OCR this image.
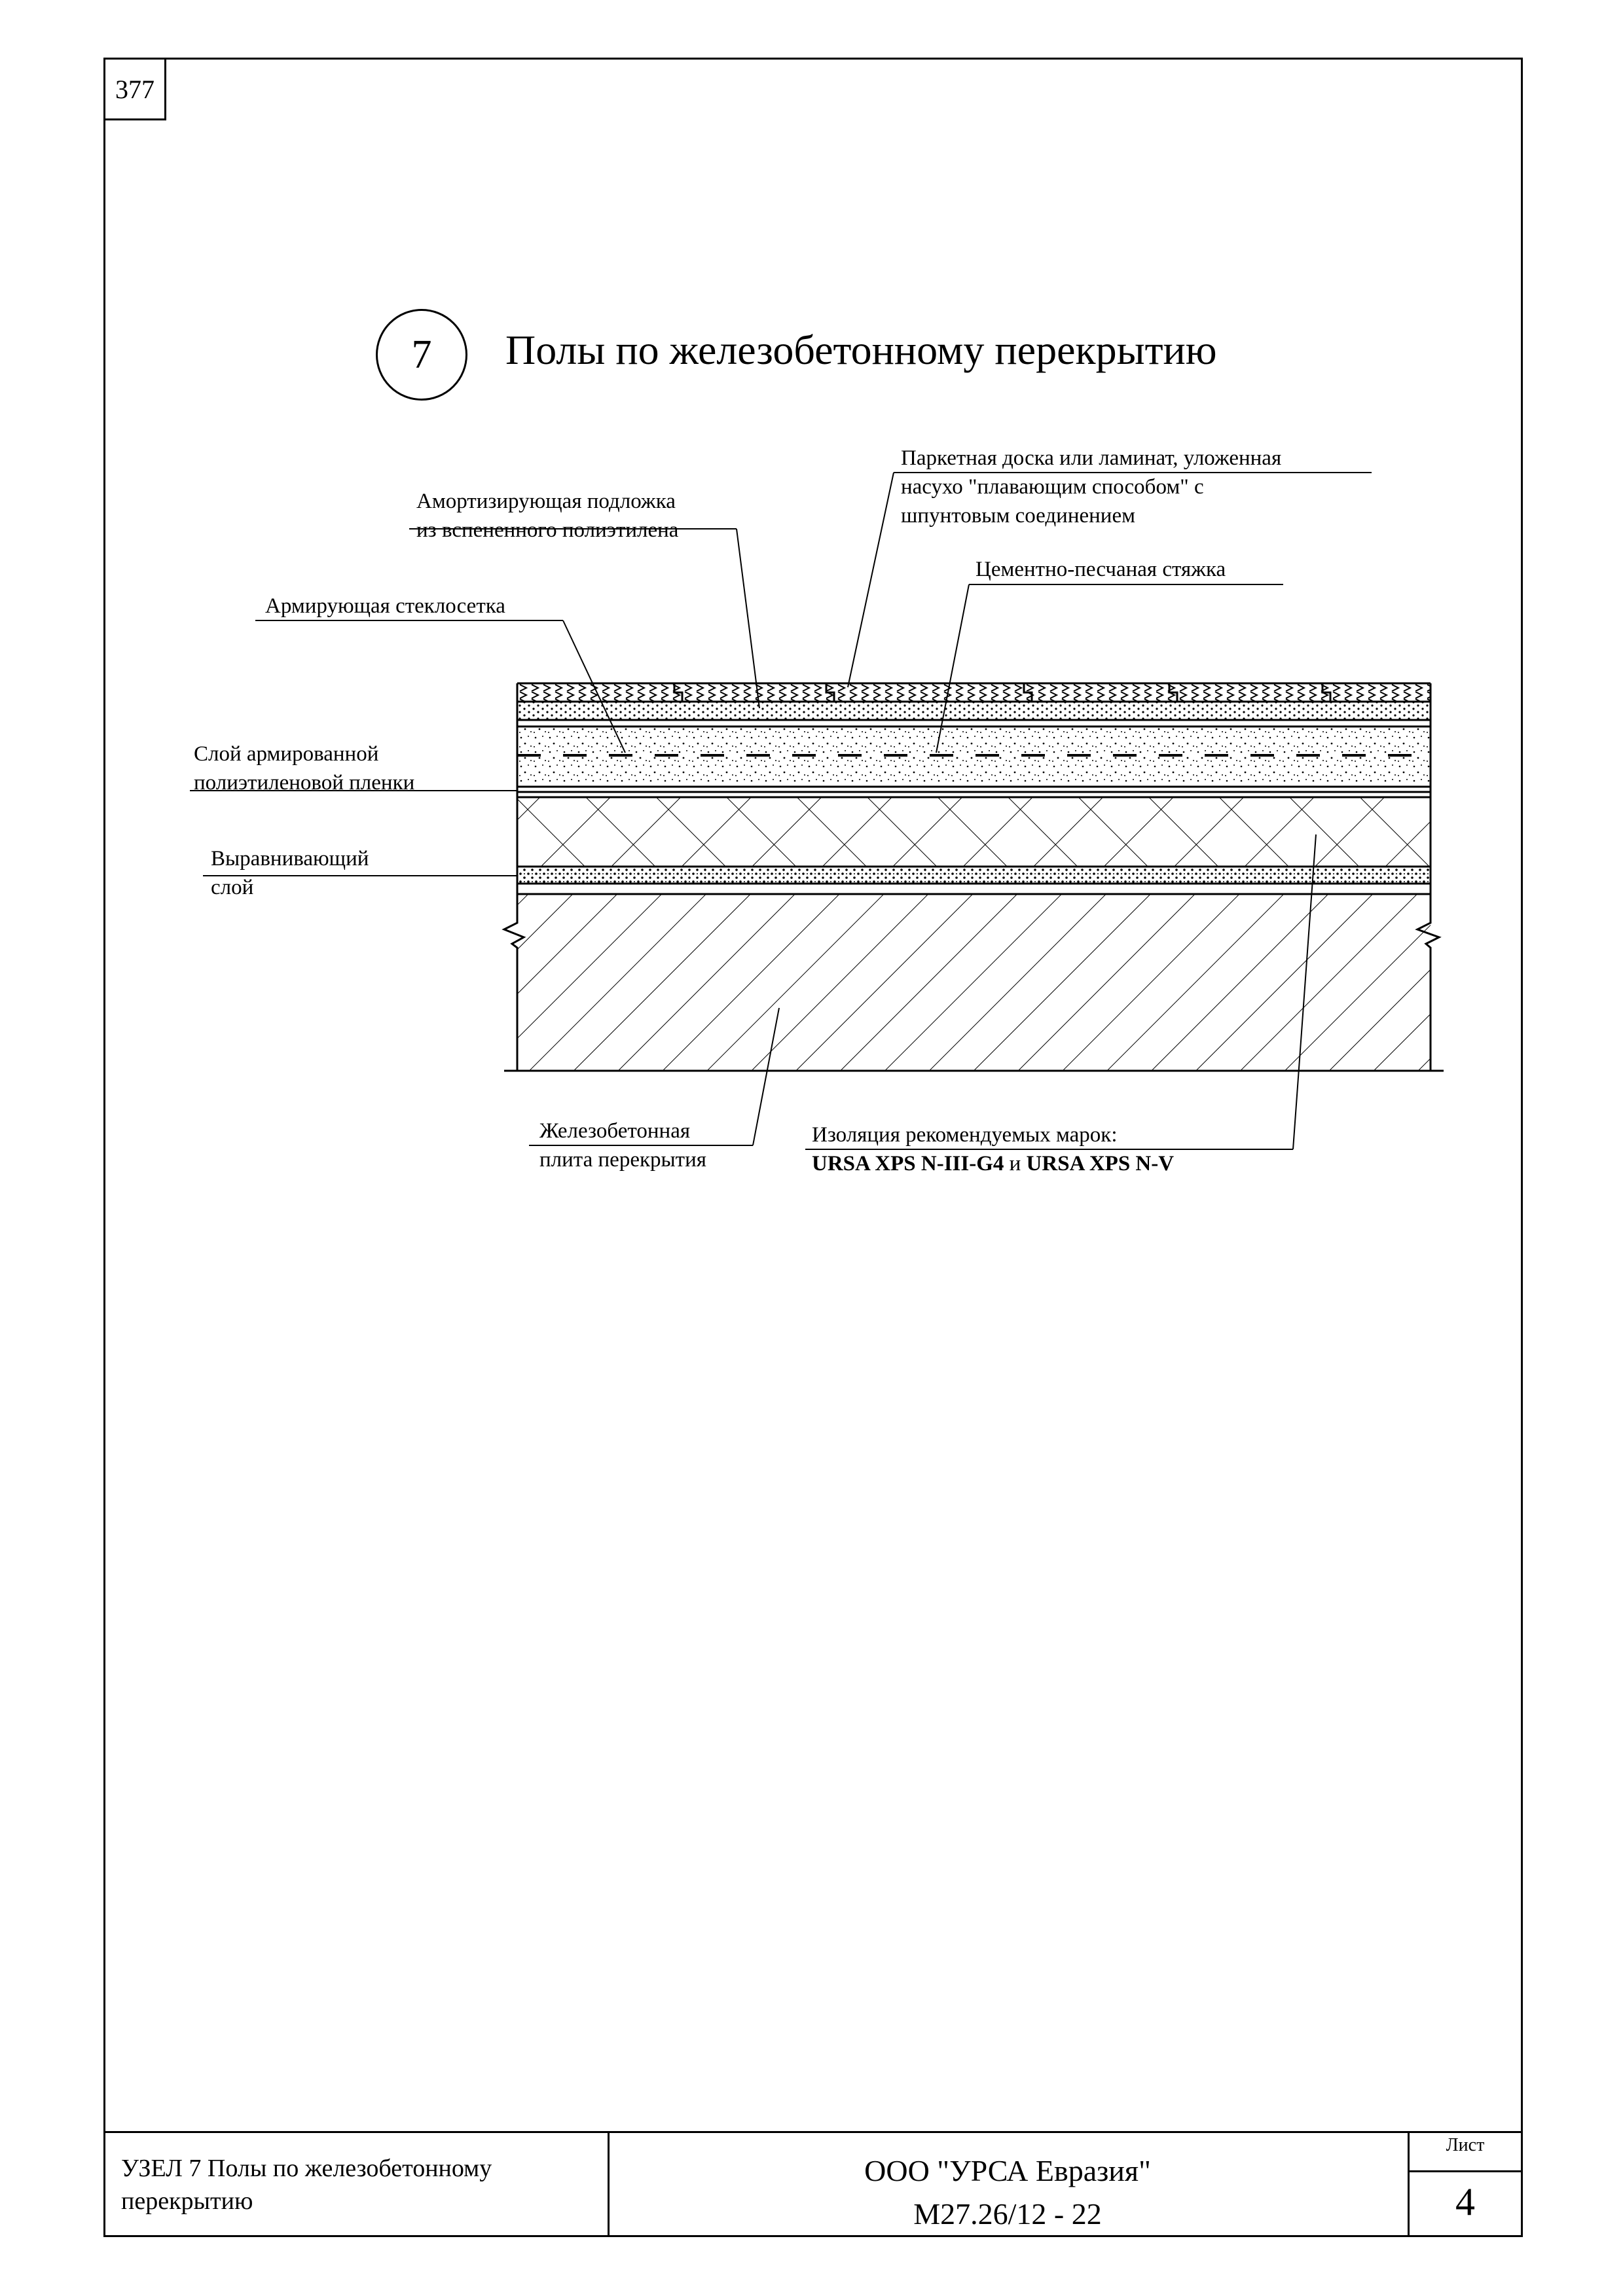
377
7	Полы по железобетонному перекрытию
Паркетная доска или ламинат, уложенная
насухо "плавающим способом" с
шпунтовым соединением
Амортизирующая подложка
из вспененного полиэтилена
Цементно-песчаная стяжка
Армирующая стеклосетка
Слой армированной
полиэтиленовой пленки
Выравнивающий
слой
Железобетонная
плита перекрытия
Изоляция рекомендуемых марок:
URSA XPS N-III-G4 и URSA XPS N-V
УЗЕЛ 7 Полы по железобетонному
перекрытию
ООО "УРСА Евразия"
М27.26/12 - 22
Лист
4
